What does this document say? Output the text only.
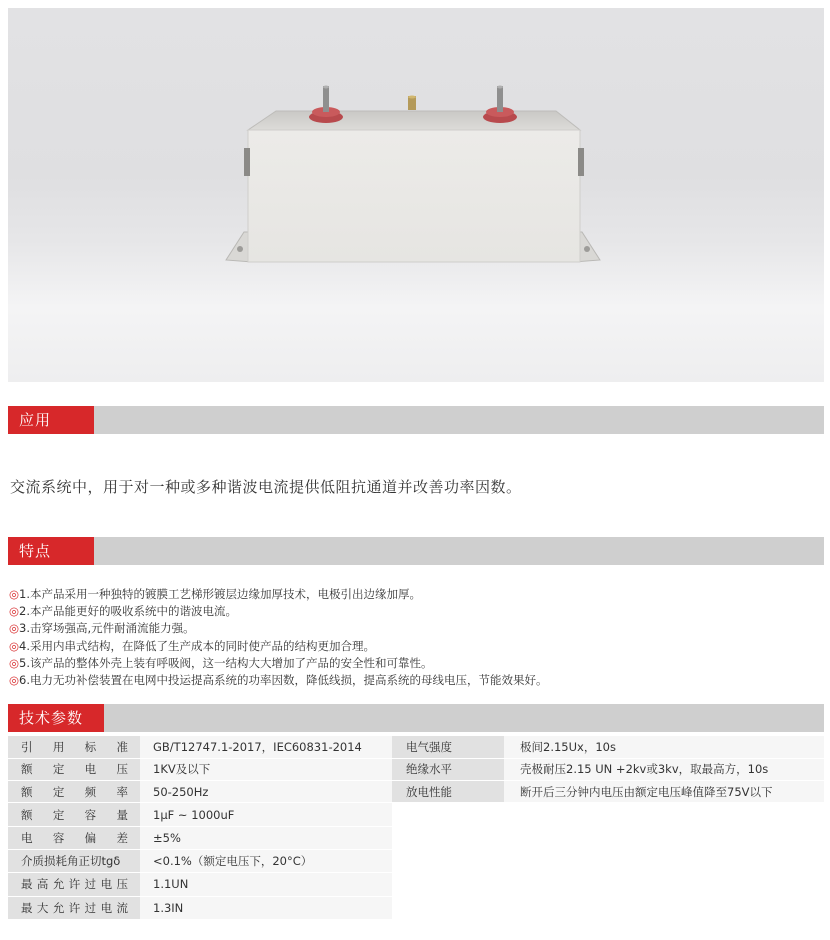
应用
交流系统中，用于对一种或多种谐波电流提供低阻抗通道并改善功率因数。
特点
◎1.本产品采用一种独特的镀膜工艺梯形镀层边缘加厚技术，电极引出边缘加厚。
◎2.本产品能更好的吸收系统中的谐波电流。
◎3.击穿场强高,元件耐涌流能力强。
◎4.采用内串式结构，在降低了生产成本的同时使产品的结构更加合理。
◎5.该产品的整体外壳上装有呼吸阀，这一结构大大增加了产品的安全性和可靠性。
◎6.电力无功补偿装置在电网中投运提高系统的功率因数，降低线损，提高系统的母线电压，节能效果好。
技术参数
引用标准	GB/T12747.1-2017，IEC60831-2014	电气强度	极间2.15Ux，10s
额定电压	1KV及以下	绝缘水平	壳极耐压2.15 UN +2kv或3kv，取最高方，10s
额定频率	50-250Hz	放电性能	断开后三分钟内电压由额定电压峰值降至75V以下
额定容量	1μF ~ 1000uF		
电容偏差	±5%		
介质损耗角正切tgδ	<0.1%（额定电压下，20°C）		
最高允许过电压	1.1UN		
最大允许过电流	1.3IN		
